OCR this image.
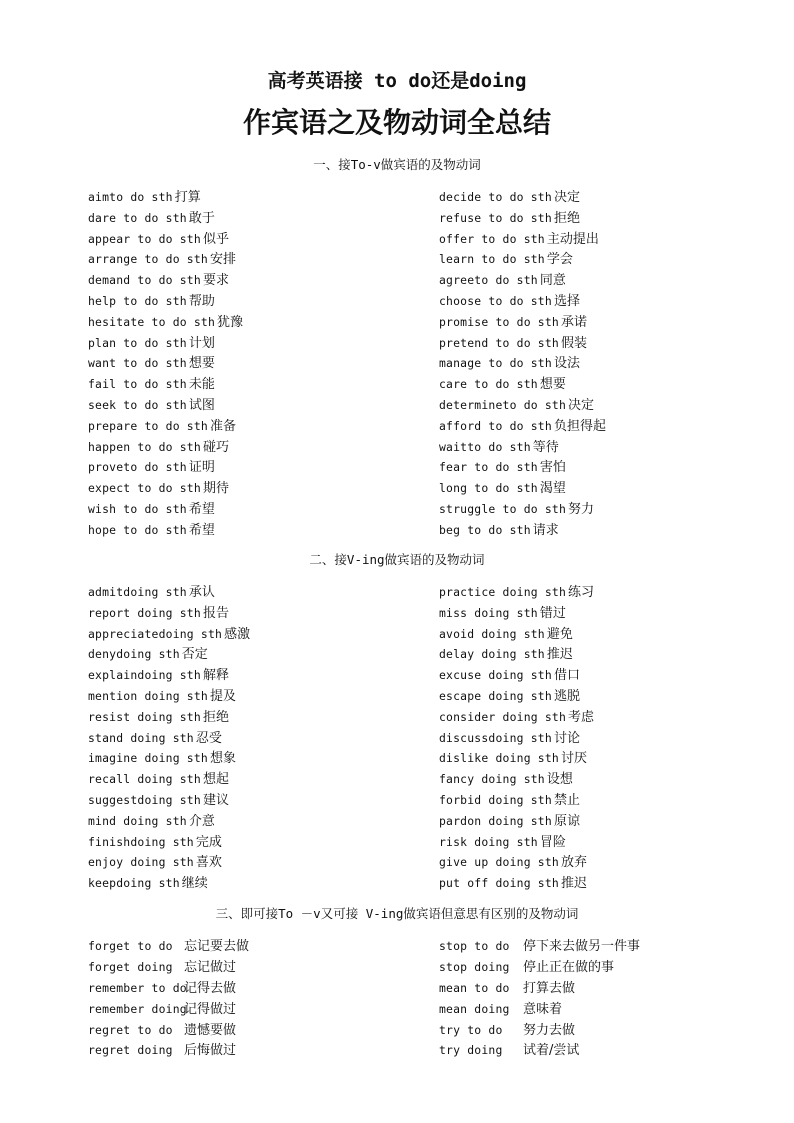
高考英语接 to do还是doing
作宾语之及物动词全总结
一、接To-v做宾语的及物动词
aimto do sth 打算
dare to do sth 敢于
appear to do sth 似乎
arrange to do sth 安排
demand to do sth 要求
help to do sth 帮助
hesitate to do sth 犹豫
plan to do sth 计划
want to do sth 想要
fail to do sth 未能
seek to do sth 试图
prepare to do sth 准备
happen to do sth 碰巧
proveto do sth 证明
expect to do sth 期待
wish to do sth 希望
hope to do sth 希望
decide to do sth 决定
refuse to do sth 拒绝
offer to do sth 主动提出
learn to do sth 学会
agreeto do sth 同意
choose to do sth 选择
promise to do sth 承诺
pretend to do sth 假装
manage to do sth 设法
care to do sth 想要
determineto do sth 决定
afford to do sth 负担得起
waitto do sth 等待
fear to do sth 害怕
long to do sth 渴望
struggle to do sth 努力
beg to do sth 请求
二、接V-ing做宾语的及物动词
admitdoing sth 承认
report doing sth 报告
appreciatedoing sth 感激
denydoing sth 否定
explaindoing sth 解释
mention doing sth 提及
resist doing sth 拒绝
stand doing sth 忍受
imagine doing sth 想象
recall doing sth 想起
suggestdoing sth 建议
mind doing sth 介意
finishdoing sth 完成
enjoy doing sth 喜欢
keepdoing sth 继续
practice doing sth 练习
miss doing sth 错过
avoid doing sth 避免
delay doing sth 推迟
excuse doing sth 借口
escape doing sth 逃脱
consider doing sth 考虑
discussdoing sth 讨论
dislike doing sth 讨厌
fancy doing sth 设想
forbid doing sth 禁止
pardon doing sth 原谅
risk doing sth 冒险
give up doing sth 放弃
put off doing sth 推迟
三、即可接To －v又可接 V-ing做宾语但意思有区别的及物动词
forget to do 忘记要去做
forget doing 忘记做过
remember to do记得去做
remember doing记得做过
regret to do 遗憾要做
regret doing 后悔做过
stop to do 停下来去做另一件事
stop doing 停止正在做的事
mean to do 打算去做
mean doing 意味着
try to do 努力去做
try doing 试着/尝试
